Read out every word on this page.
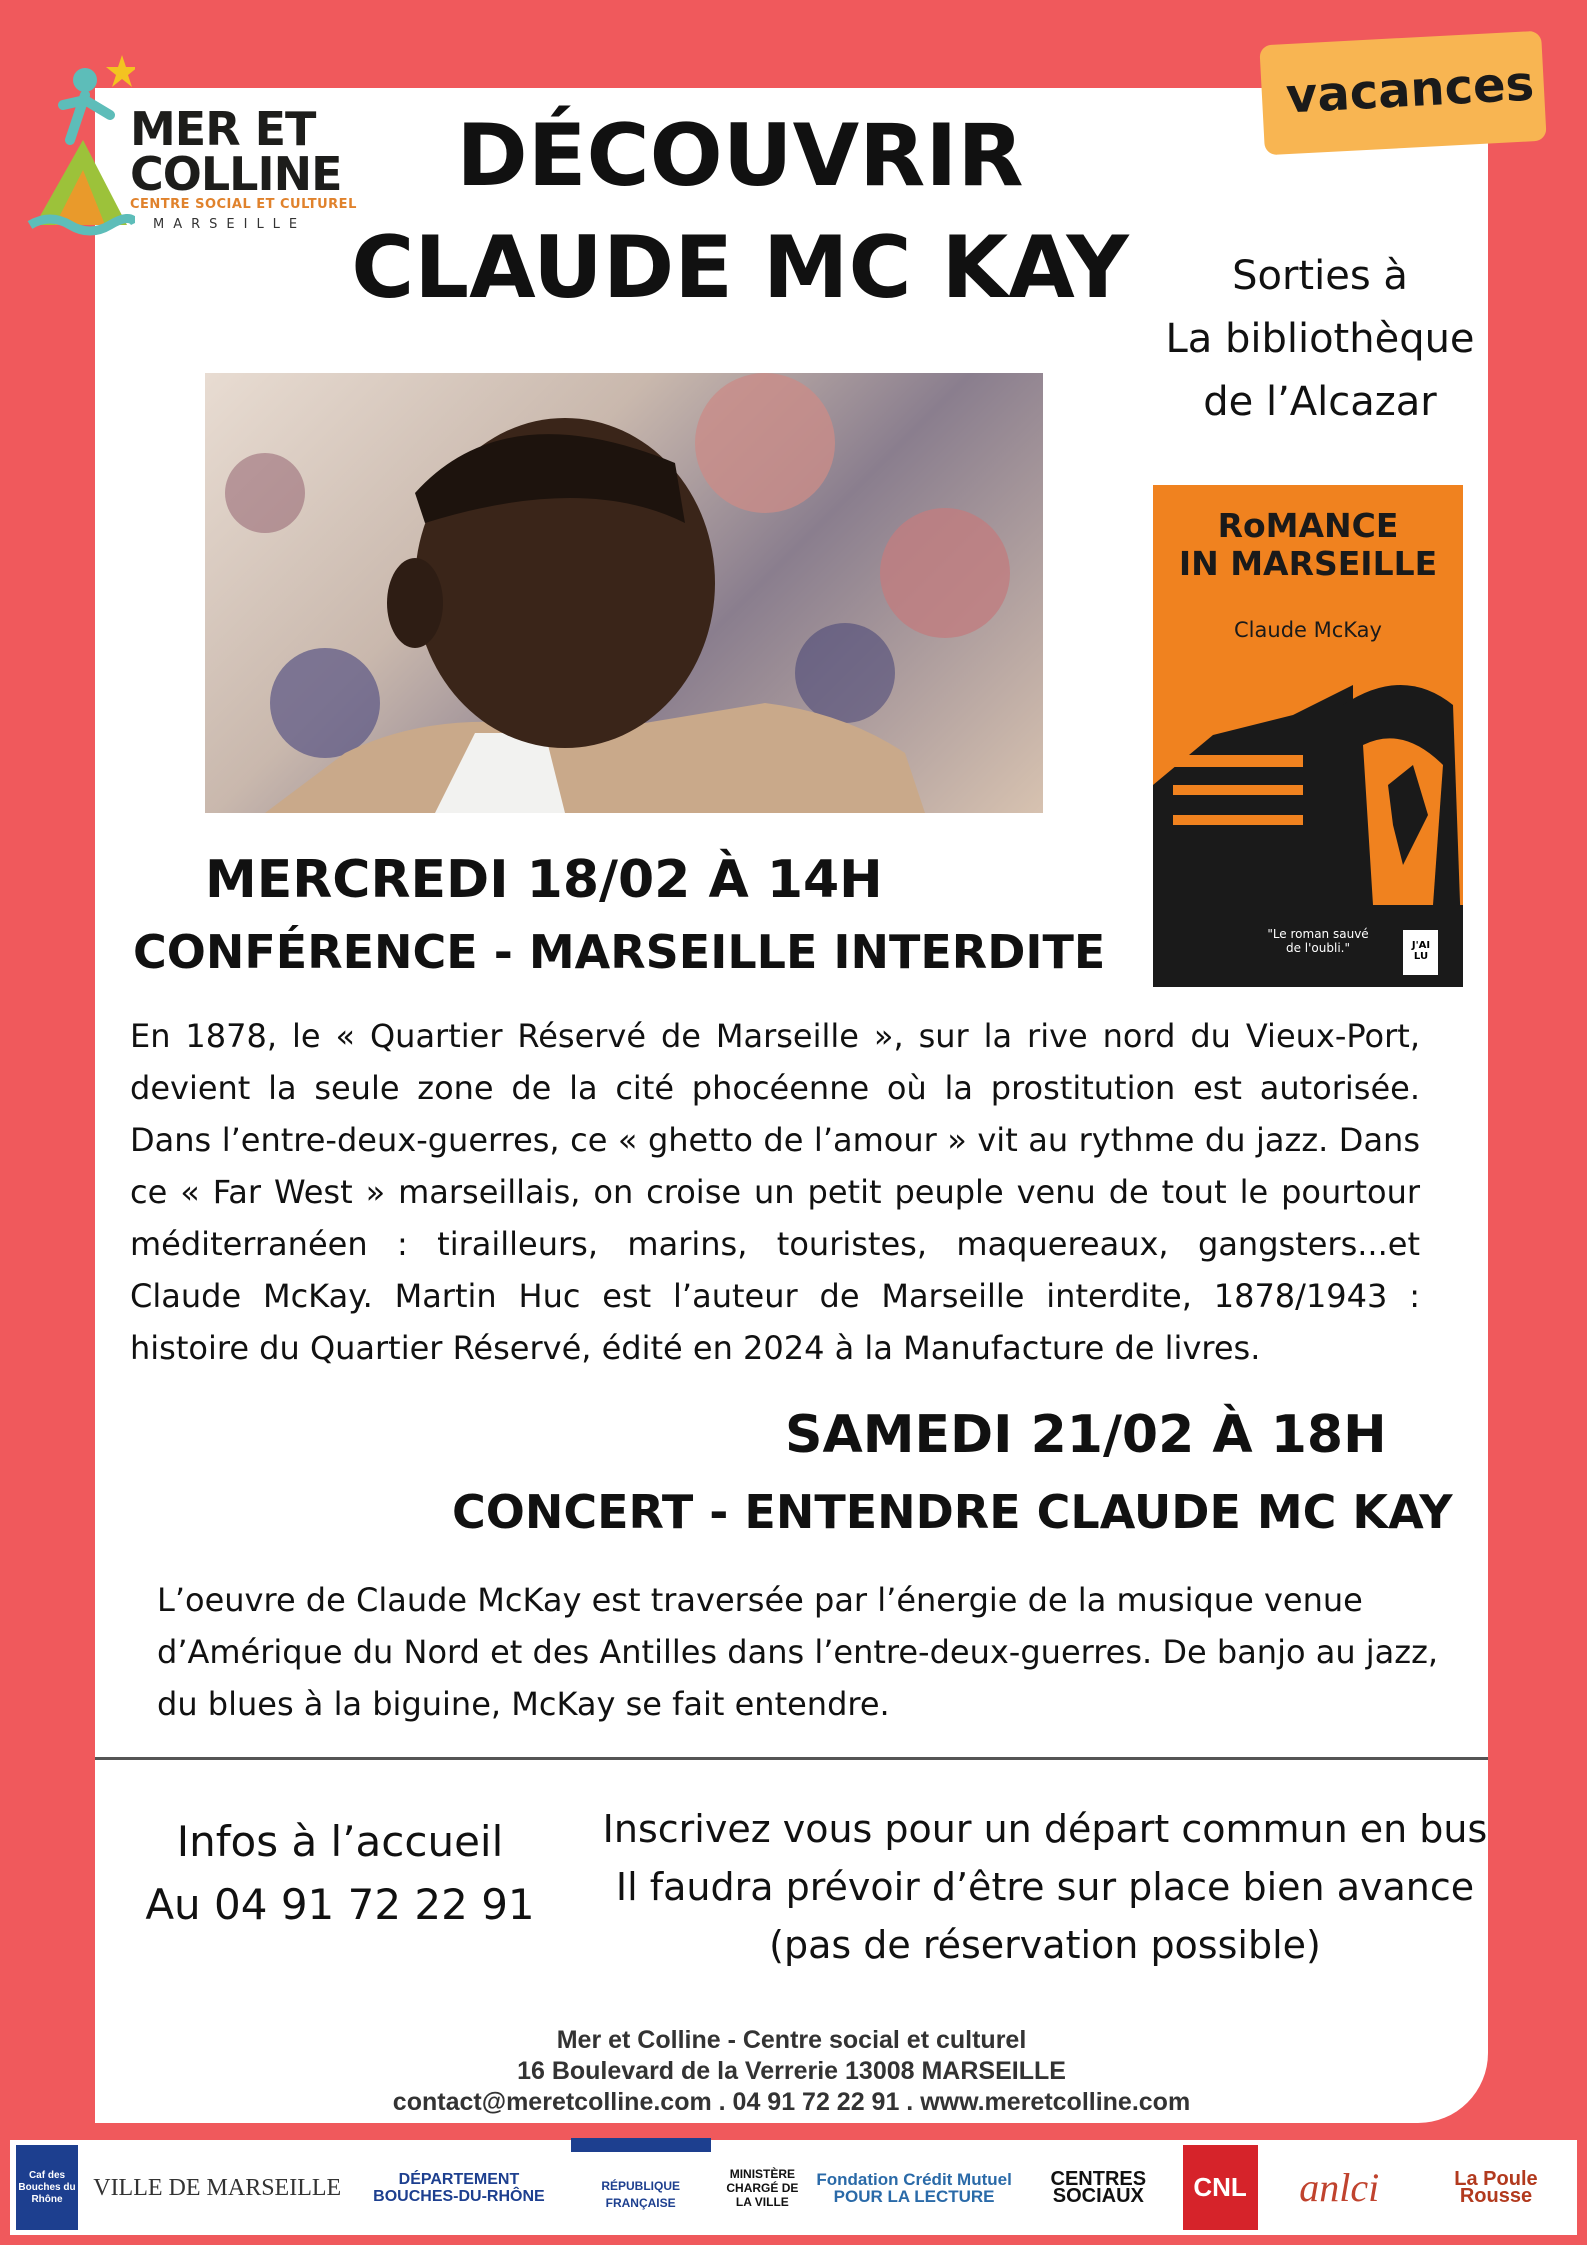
MER ET COLLINE
CENTRE SOCIAL ET CULTUREL
MARSEILLE
DÉCOUVRIR
CLAUDE MC KAY
vacances
Sorties à
La bibliothèque
de l’Alcazar
RoMANCE
IN MARSEILLE
Claude McKay
"Le roman sauvé de l'oubli."	J'AI LU
MERCREDI 18/02 À 14H
CONFÉRENCE - MARSEILLE INTERDITE
En 1878, le « Quartier Réservé de Marseille », sur la rive nord du Vieux-Port, devient la seule zone de la cité phocéenne où la prostitution est autorisée. Dans l’entre-deux-guerres, ce « ghetto de l’amour » vit au rythme du jazz. Dans ce « Far West » marseillais, on croise un petit peuple venu de tout le pourtour méditerranéen : tirailleurs, marins, touristes, maquereaux, gangsters...et Claude McKay. Martin Huc est l’auteur de Marseille interdite, 1878/1943 : histoire du Quartier Réservé, édité en 2024 à la Manufacture de livres.
SAMEDI 21/02 À 18H
CONCERT - ENTENDRE CLAUDE MC KAY
L’oeuvre de Claude McKay est traversée par l’énergie de la musique venue d’Amérique du Nord et des Antilles dans l’entre-deux-guerres. De banjo au jazz, du blues à la biguine, McKay se fait entendre.
Infos à l’accueil
Au 04 91 72 22 91
Inscrivez vous pour un départ commun en bus
Il faudra prévoir d’être sur place bien avance
(pas de réservation possible)
Mer et Colline - Centre social et culturel
16 Boulevard de la Verrerie 13008 MARSEILLE
contact@meretcolline.com . 04 91 72 22 91 . www.meretcolline.com
Caf des Bouches du Rhône	VILLE DE MARSEILLE	DÉPARTEMENT BOUCHES-DU-RHÔNE
RÉPUBLIQUE FRANÇAISE
MINISTÈRE CHARGÉ DE LA VILLE
Fondation Crédit Mutuel POUR LA LECTURE
CENTRES SOCIAUX	CNL	anlci	La Poule Rousse
